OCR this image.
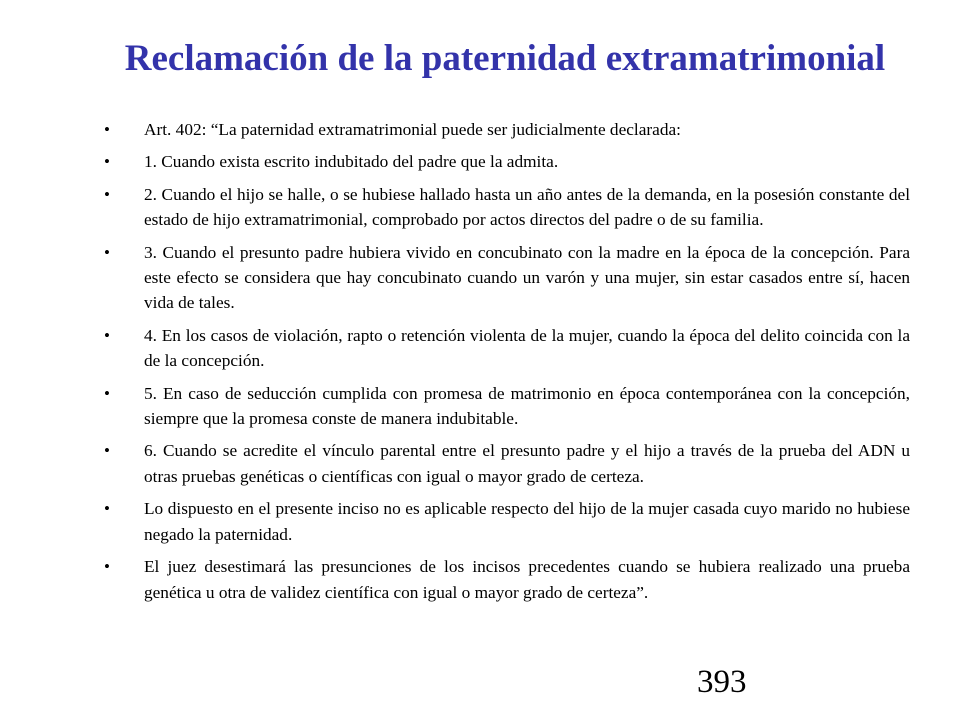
Reclamación de la paternidad extramatrimonial
• Art. 402: “La paternidad extramatrimonial puede ser judicialmente declarada:
• 1. Cuando exista escrito indubitado del padre que la admita.
• 2. Cuando el hijo se halle, o se hubiese hallado hasta un año antes de la demanda, en la posesión constante del estado de hijo extramatrimonial, comprobado por actos directos del padre o de su familia.
• 3. Cuando el presunto padre hubiera vivido en concubinato con la madre en la época de la concepción. Para este efecto se considera que hay concubinato cuando un varón y una mujer, sin estar casados entre sí, hacen vida de tales.
• 4. En los casos de violación, rapto o retención violenta de la mujer, cuando la época del delito coincida con la de la concepción.
• 5. En caso de seducción cumplida con promesa de matrimonio en época contemporánea con la concepción, siempre que la promesa conste de manera indubitable.
• 6. Cuando se acredite el vínculo parental entre el presunto padre y el hijo a través de la prueba del ADN u otras pruebas genéticas o científicas con igual o mayor grado de certeza.
• Lo dispuesto en el presente inciso no es aplicable respecto del hijo de la mujer casada cuyo marido no hubiese negado la paternidad.
• El juez desestimará las presunciones de los incisos precedentes cuando se hubiera realizado una prueba genética u otra de validez científica con igual o mayor grado de certeza”.
393
